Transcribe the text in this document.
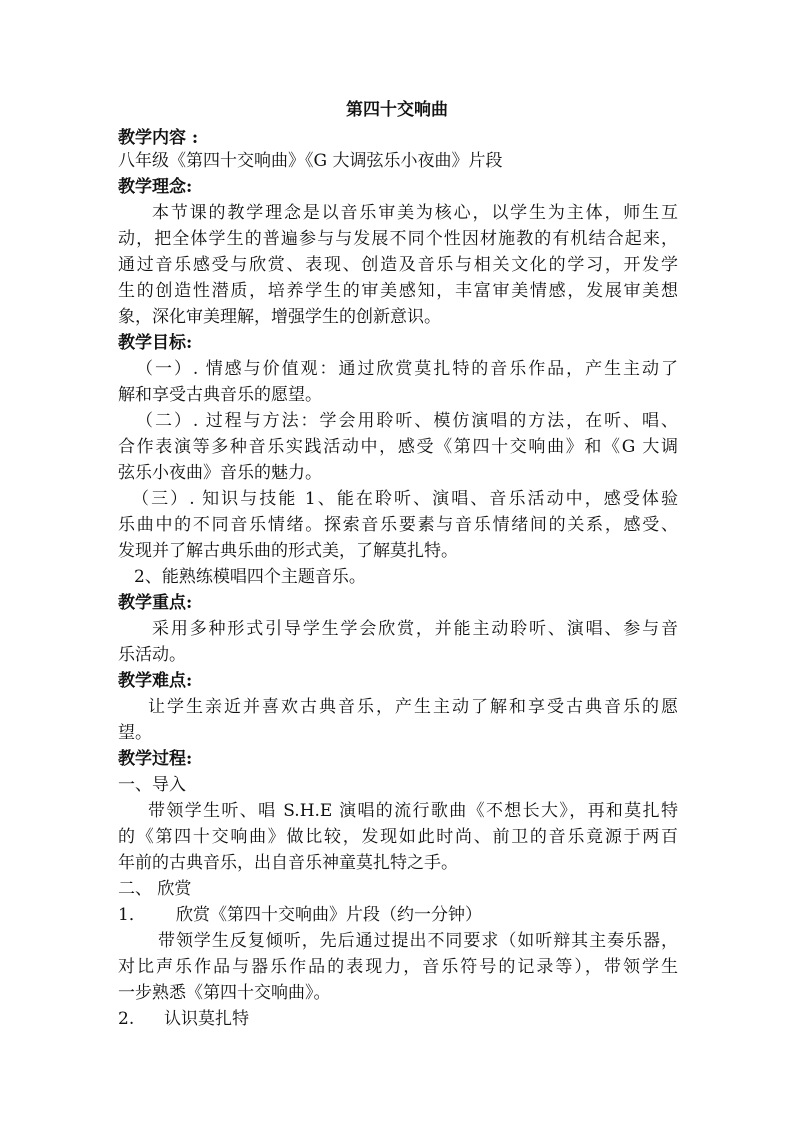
第四十交响曲
教学内容 :
八年级《第四十交响曲》《G 大调弦乐小夜曲》片段
教学理念:
本节课的教学理念是以音乐审美为核心，以学生为主体，师生互
动，把全体学生的普遍参与与发展不同个性因材施教的有机结合起来，
通过音乐感受与欣赏、表现、创造及音乐与相关文化的学习，开发学
生的创造性潜质，培养学生的审美感知，丰富审美情感，发展审美想
象，深化审美理解，增强学生的创新意识。
教学目标:
（一）. 情感与价值观：通过欣赏莫扎特的音乐作品，产生主动了
解和享受古典音乐的愿望。
（二）. 过程与方法：学会用聆听、模仿演唱的方法，在听、唱、
合作表演等多种音乐实践活动中，感受《第四十交响曲》和《G 大调
弦乐小夜曲》音乐的魅力。
（三）. 知识与技能 1、能在聆听、演唱、音乐活动中，感受体验
乐曲中的不同音乐情绪。探索音乐要素与音乐情绪间的关系，感受、
发现并了解古典乐曲的形式美，了解莫扎特。
2、能熟练模唱四个主题音乐。
教学重点:
采用多种形式引导学生学会欣赏，并能主动聆听、演唱、参与音
乐活动。
教学难点:
让学生亲近并喜欢古典音乐，产生主动了解和享受古典音乐的愿
望。
教学过程:
一、导入
带领学生听、唱 S.H.E 演唱的流行歌曲《不想长大》，再和莫扎特
的《第四十交响曲》做比较，发现如此时尚、前卫的音乐竟源于两百
年前的古典音乐，出自音乐神童莫扎特之手。
二、 欣赏
1．	欣赏《第四十交响曲》片段（约一分钟）
带领学生反复倾听，先后通过提出不同要求（如听辩其主奏乐器，
对比声乐作品与器乐作品的表现力，音乐符号的记录等），带领学生
一步熟悉《第四十交响曲》。
2.	认识莫扎特
